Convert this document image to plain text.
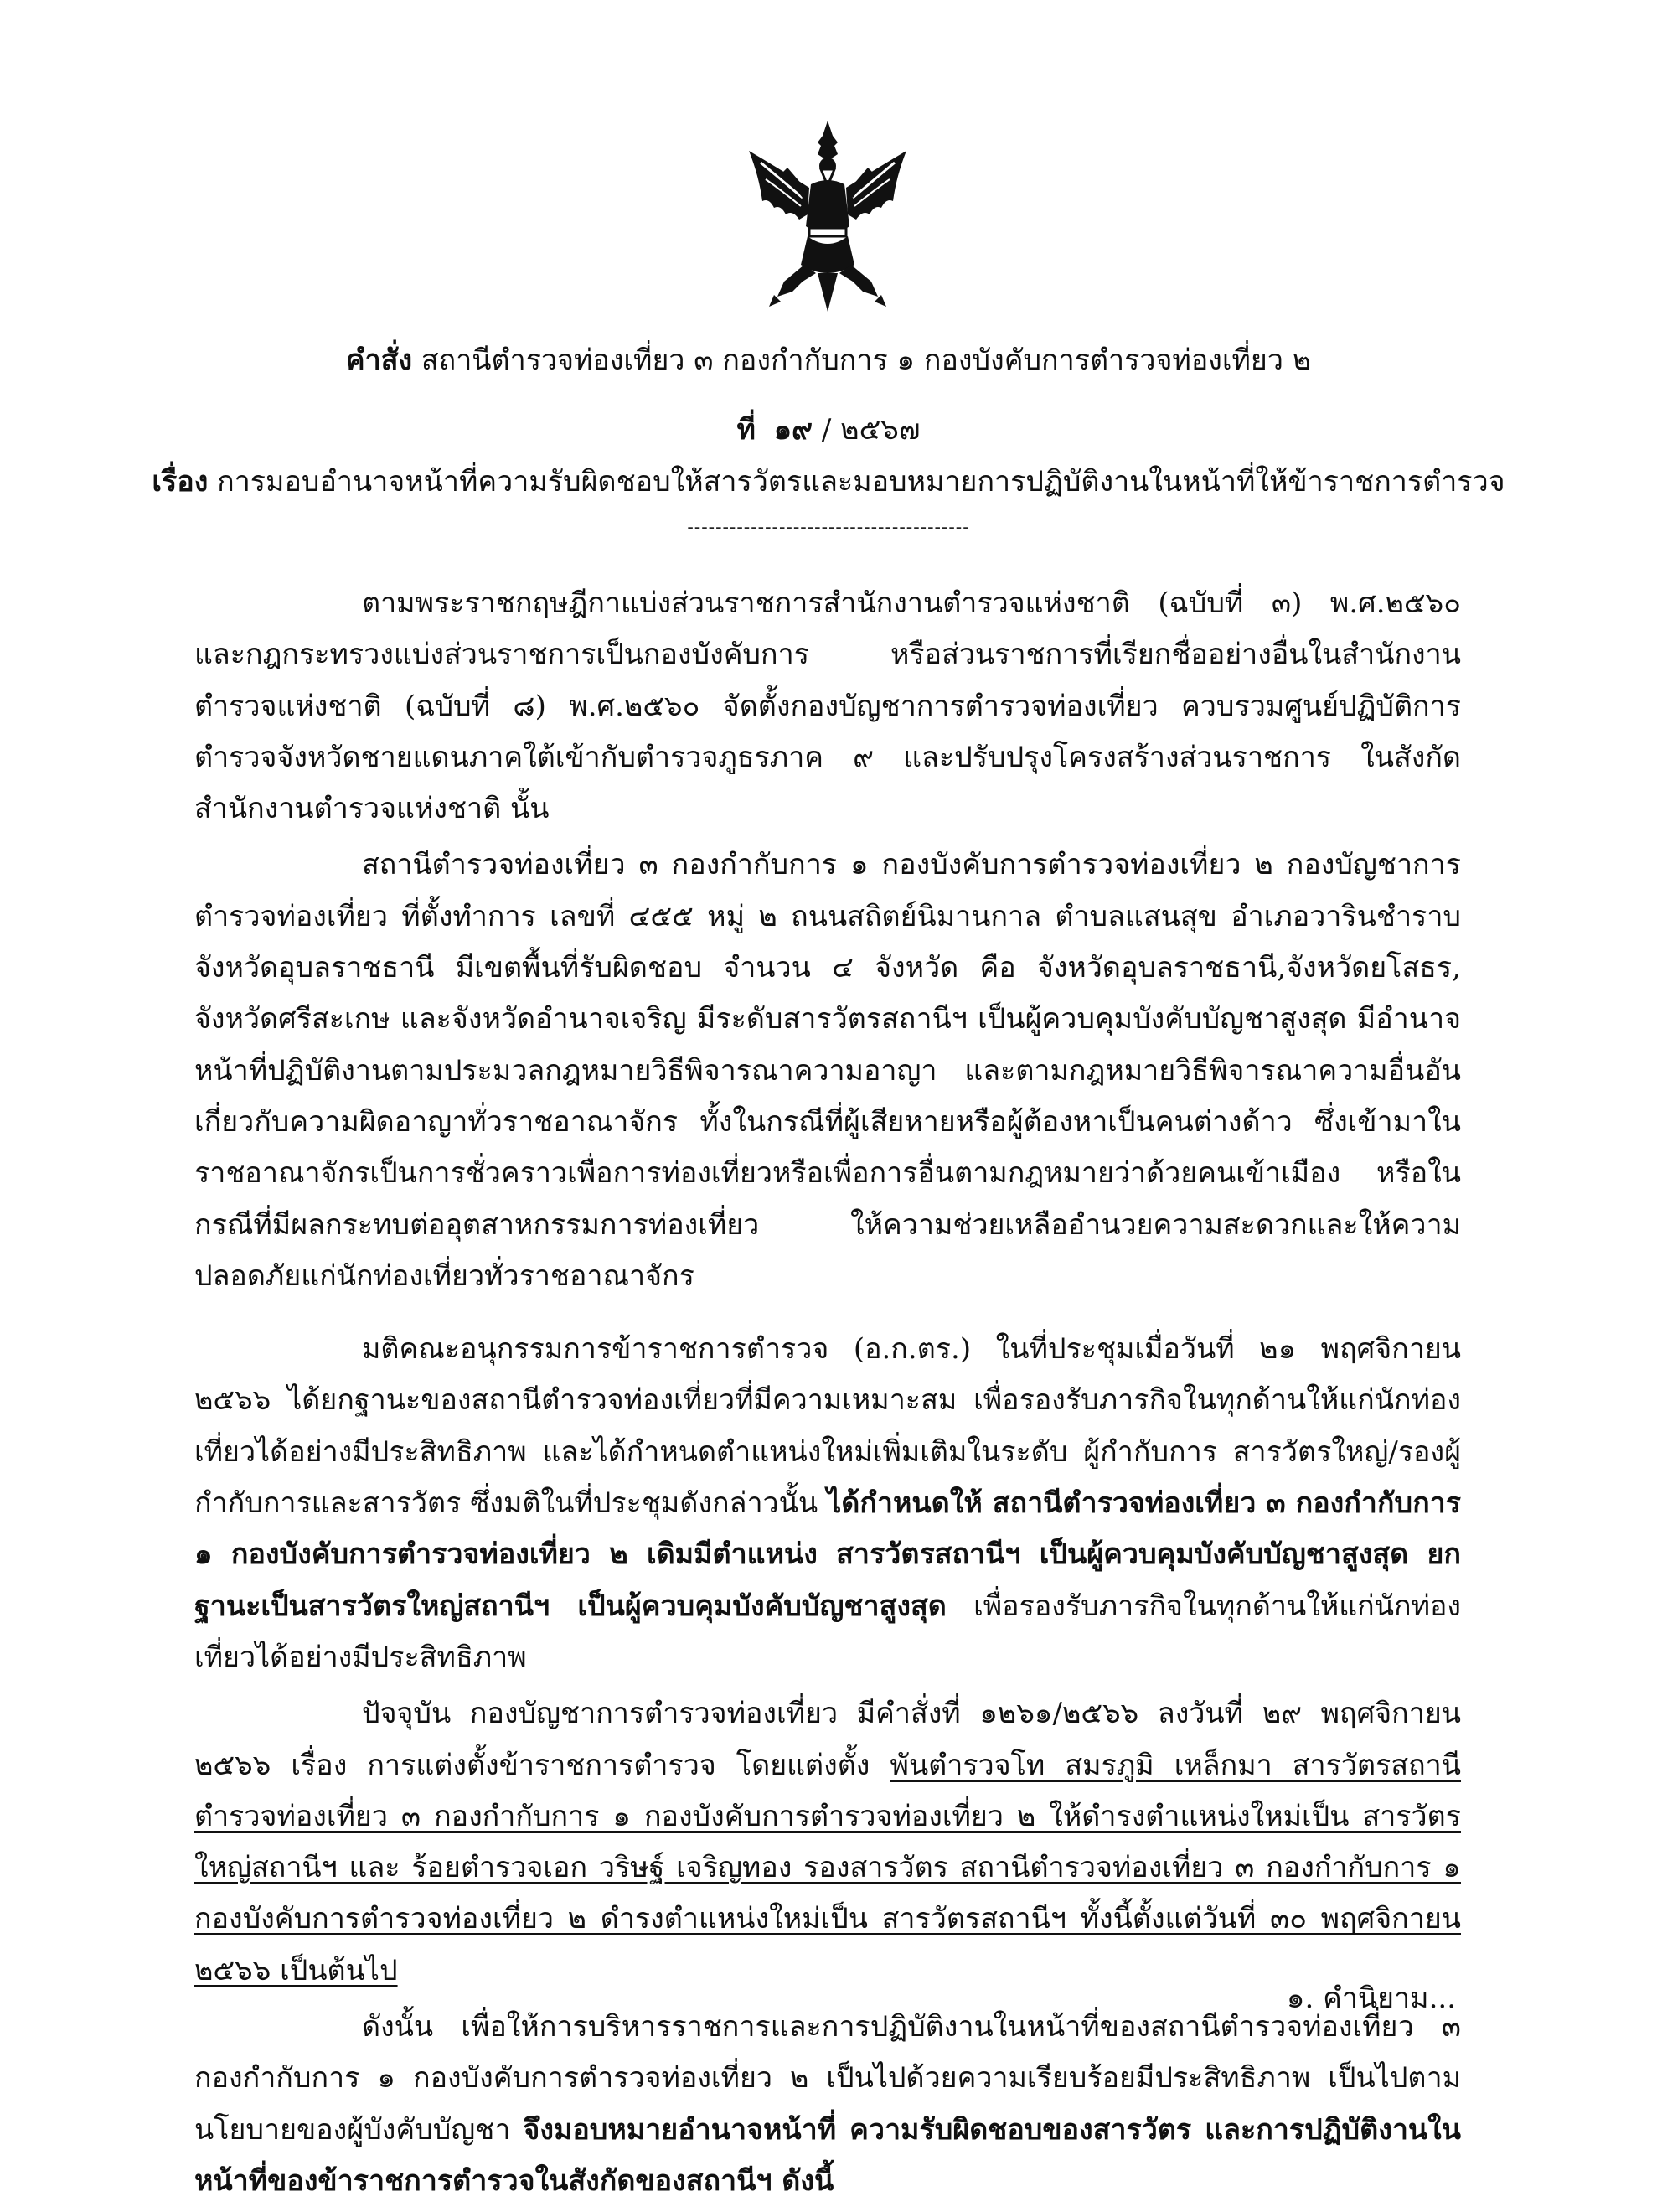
คำสั่ง สถานีตำรวจท่องเที่ยว ๓ กองกำกับการ ๑ กองบังคับการตำรวจท่องเที่ยว ๒
ที่ ๑๙ / ๒๕๖๗
เรื่อง การมอบอำนาจหน้าที่ความรับผิดชอบให้สารวัตรและมอบหมายการปฏิบัติงานในหน้าที่ให้ข้าราชการตำรวจ
----------------------------------------

ตามพระราชกฤษฎีกาแบ่งส่วนราชการสำนักงานตำรวจแห่งชาติ (ฉบับที่ ๓) พ.ศ.๒๕๖๐ และกฎกระทรวงแบ่งส่วนราชการเป็นกองบังคับการ หรือส่วนราชการที่เรียกชื่ออย่างอื่นในสำนักงานตำรวจแห่งชาติ (ฉบับที่ ๘) พ.ศ.๒๕๖๐ จัดตั้งกองบัญชาการตำรวจท่องเที่ยว ควบรวมศูนย์ปฏิบัติการตำรวจจังหวัดชายแดนภาคใต้เข้ากับตำรวจภูธรภาค ๙ และปรับปรุงโครงสร้างส่วนราชการ ในสังกัด สำนักงานตำรวจแห่งชาติ นั้น

สถานีตำรวจท่องเที่ยว ๓ กองกำกับการ ๑ กองบังคับการตำรวจท่องเที่ยว ๒ กองบัญชาการตำรวจท่องเที่ยว ที่ตั้งทำการ เลขที่ ๔๕๕ หมู่ ๒ ถนนสถิตย์นิมานกาล ตำบลแสนสุข อำเภอวารินชำราบ จังหวัดอุบลราชธานี มีเขตพื้นที่รับผิดชอบ จำนวน ๔ จังหวัด คือ จังหวัดอุบลราชธานี,จังหวัดยโสธร, จังหวัดศรีสะเกษ และจังหวัดอำนาจเจริญ มีระดับสารวัตรสถานีฯ เป็นผู้ควบคุมบังคับบัญชาสูงสุด มีอำนาจหน้าที่ปฏิบัติงานตามประมวลกฎหมายวิธีพิจารณาความอาญา และตามกฎหมายวิธีพิจารณาความอื่นอันเกี่ยวกับความผิดอาญาทั่วราชอาณาจักร ทั้งในกรณีที่ผู้เสียหายหรือผู้ต้องหาเป็นคนต่างด้าว ซึ่งเข้ามาในราชอาณาจักรเป็นการชั่วคราวเพื่อการท่องเที่ยวหรือเพื่อการอื่นตามกฎหมายว่าด้วยคนเข้าเมือง หรือในกรณีที่มีผลกระทบต่ออุตสาหกรรมการท่องเที่ยว ให้ความช่วยเหลืออำนวยความสะดวกและให้ความปลอดภัยแก่นักท่องเที่ยวทั่วราชอาณาจักร

มติคณะอนุกรรมการข้าราชการตำรวจ (อ.ก.ตร.) ในที่ประชุมเมื่อวันที่ ๒๑ พฤศจิกายน ๒๕๖๖ ได้ยกฐานะของสถานีตำรวจท่องเที่ยวที่มีความเหมาะสม เพื่อรองรับภารกิจในทุกด้านให้แก่นักท่องเที่ยวได้อย่างมีประสิทธิภาพ และได้กำหนดตำแหน่งใหม่เพิ่มเติมในระดับ ผู้กำกับการ สารวัตรใหญ่/รองผู้กำกับการและสารวัตร ซึ่งมติในที่ประชุมดังกล่าวนั้น ได้กำหนดให้ สถานีตำรวจท่องเที่ยว ๓ กองกำกับการ ๑ กองบังคับการตำรวจท่องเที่ยว ๒ เดิมมีตำแหน่ง สารวัตรสถานีฯ เป็นผู้ควบคุมบังคับบัญชาสูงสุด ยกฐานะเป็นสารวัตรใหญ่สถานีฯ เป็นผู้ควบคุมบังคับบัญชาสูงสุด เพื่อรองรับภารกิจในทุกด้านให้แก่นักท่องเที่ยวได้อย่างมีประสิทธิภาพ

ปัจจุบัน กองบัญชาการตำรวจท่องเที่ยว มีคำสั่งที่ ๑๒๖๑/๒๕๖๖ ลงวันที่ ๒๙ พฤศจิกายน ๒๕๖๖ เรื่อง การแต่งตั้งข้าราชการตำรวจ โดยแต่งตั้ง พันตำรวจโท สมรภูมิ เหล็กมา สารวัตรสถานีตำรวจท่องเที่ยว ๓ กองกำกับการ ๑ กองบังคับการตำรวจท่องเที่ยว ๒ ให้ดำรงตำแหน่งใหม่เป็น สารวัตรใหญ่สถานีฯ และ ร้อยตำรวจเอก วริษฐ์ เจริญทอง รองสารวัตร สถานีตำรวจท่องเที่ยว ๓ กองกำกับการ ๑ กองบังคับการตำรวจท่องเที่ยว ๒ ดำรงตำแหน่งใหม่เป็น สารวัตรสถานีฯ ทั้งนี้ตั้งแต่วันที่ ๓๐ พฤศจิกายน ๒๕๖๖ เป็นต้นไป

ดังนั้น เพื่อให้การบริหารราชการและการปฏิบัติงานในหน้าที่ของสถานีตำรวจท่องเที่ยว ๓ กองกำกับการ ๑ กองบังคับการตำรวจท่องเที่ยว ๒ เป็นไปด้วยความเรียบร้อยมีประสิทธิภาพ เป็นไปตามนโยบายของผู้บังคับบัญชา จึงมอบหมายอำนาจหน้าที่ ความรับผิดชอบของสารวัตร และการปฏิบัติงานในหน้าที่ของข้าราชการตำรวจในสังกัดของสถานีฯ ดังนี้

๑. คำนิยาม...
